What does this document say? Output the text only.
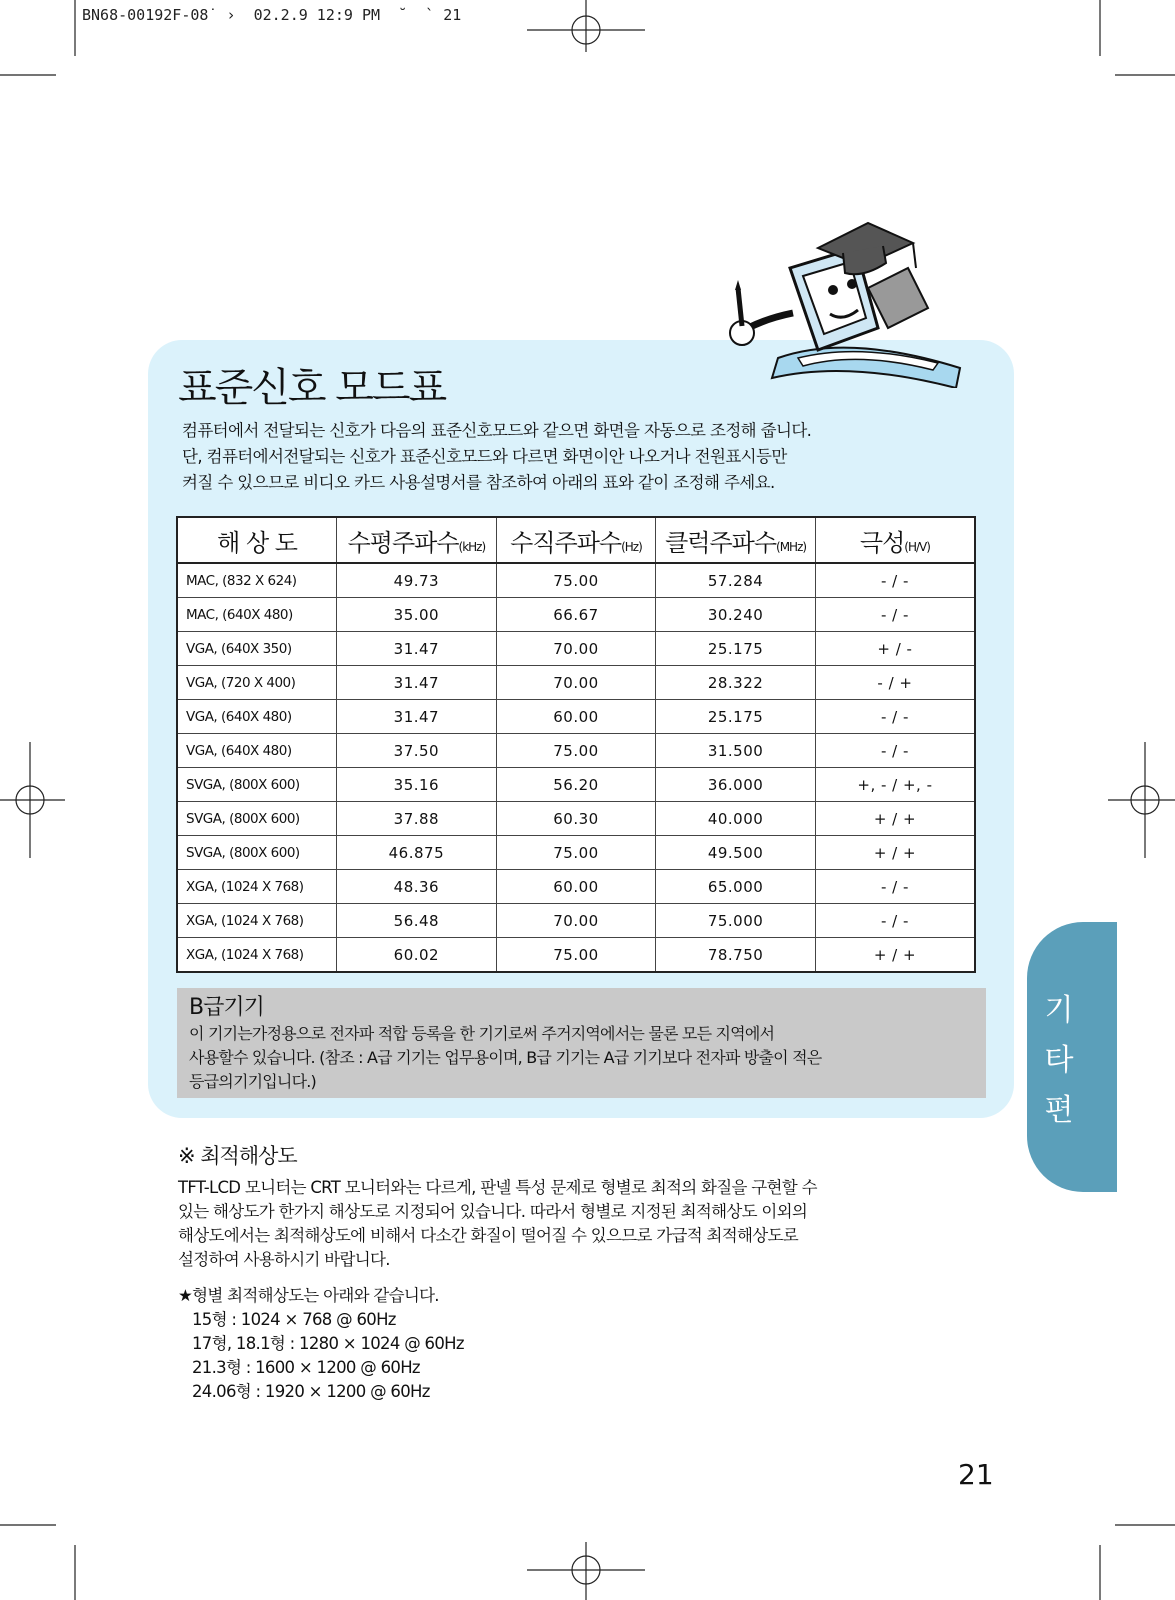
BN68-00192F-08˙ ›  02.2.9 12:9 PM  ˘  ` 21
표준신호 모드표
컴퓨터에서 전달되는 신호가 다음의 표준신호모드와 같으면 화면을 자동으로 조정해 줍니다.
단, 컴퓨터에서전달되는 신호가 표준신호모드와 다르면 화면이안 나오거나 전원표시등만
켜질 수 있으므로 비디오 카드 사용설명서를 참조하여 아래의 표와 같이 조정해 주세요.
해 상 도	수평주파수(kHz)	수직주파수(Hz)	클럭주파수(MHz)	극성(H/V)
MAC, (832 X 624)	49.73	75.00	57.284	- / -
MAC, (640X 480)	35.00	66.67	30.240	- / -
VGA, (640X 350)	31.47	70.00	25.175	+ / -
VGA, (720 X 400)	31.47	70.00	28.322	- / +
VGA, (640X 480)	31.47	60.00	25.175	- / -
VGA, (640X 480)	37.50	75.00	31.500	- / -
SVGA, (800X 600)	35.16	56.20	36.000	+, - / +, -
SVGA, (800X 600)	37.88	60.30	40.000	+ / +
SVGA, (800X 600)	46.875	75.00	49.500	+ / +
XGA, (1024 X 768)	48.36	60.00	65.000	- / -
XGA, (1024 X 768)	56.48	70.00	75.000	- / -
XGA, (1024 X 768)	60.02	75.00	78.750	+ / +
B급기기
이 기기는가정용으로 전자파 적합 등록을 한 기기로써 주거지역에서는 물론 모든 지역에서
사용할수 있습니다. (참조 : A급 기기는 업무용이며, B급 기기는 A급 기기보다 전자파 방출이 적은
등급의기기입니다.)
기
타
편
※ 최적해상도
TFT-LCD 모니터는 CRT 모니터와는 다르게, 판넬 특성 문제로 형별로 최적의 화질을 구현할 수
있는 해상도가 한가지 해상도로 지정되어 있습니다. 따라서 형별로 지정된 최적해상도 이외의
해상도에서는 최적해상도에 비해서 다소간 화질이 떨어질 수 있으므로 가급적 최적해상도로
설정하여 사용하시기 바랍니다.
★형별 최적해상도는 아래와 같습니다.
15형 : 1024 × 768 @ 60Hz
17형, 18.1형 : 1280 × 1024 @ 60Hz
21.3형 : 1600 × 1200 @ 60Hz
24.06형 : 1920 × 1200 @ 60Hz
21
